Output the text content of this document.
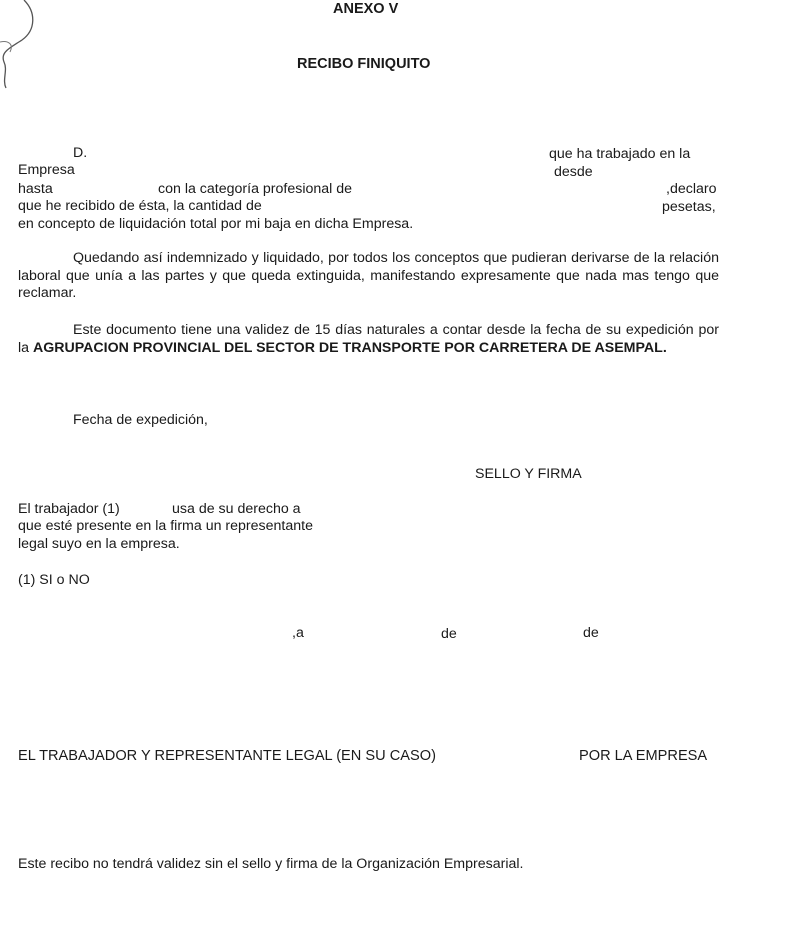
ANEXO V
RECIBO FINIQUITO
D.	que ha trabajado en la
Empresa	desde
hasta	con la categoría profesional de	,declaro
que he recibido de ésta, la cantidad de	pesetas,
en concepto de liquidación total por mi baja en dicha Empresa.
Quedando así indemnizado y liquidado, por todos los conceptos que pudieran derivarse de la relación laboral que unía a las partes y que queda extinguida, manifestando expresamente que nada mas tengo que reclamar.
Este documento tiene una validez de 15 días naturales a contar desde la fecha de su expedición por la AGRUPACION PROVINCIAL DEL SECTOR DE TRANSPORTE POR CARRETERA DE ASEMPAL.
Fecha de expedición,
SELLO Y FIRMA
El trabajador (1)	usa de su derecho a
que esté presente en la firma un representante
legal suyo en la empresa.
(1) SI o NO
,a	de	de
EL TRABAJADOR Y REPRESENTANTE LEGAL (EN SU CASO)	POR LA EMPRESA
Este recibo no tendrá validez sin el sello y firma de la Organización Empresarial.
